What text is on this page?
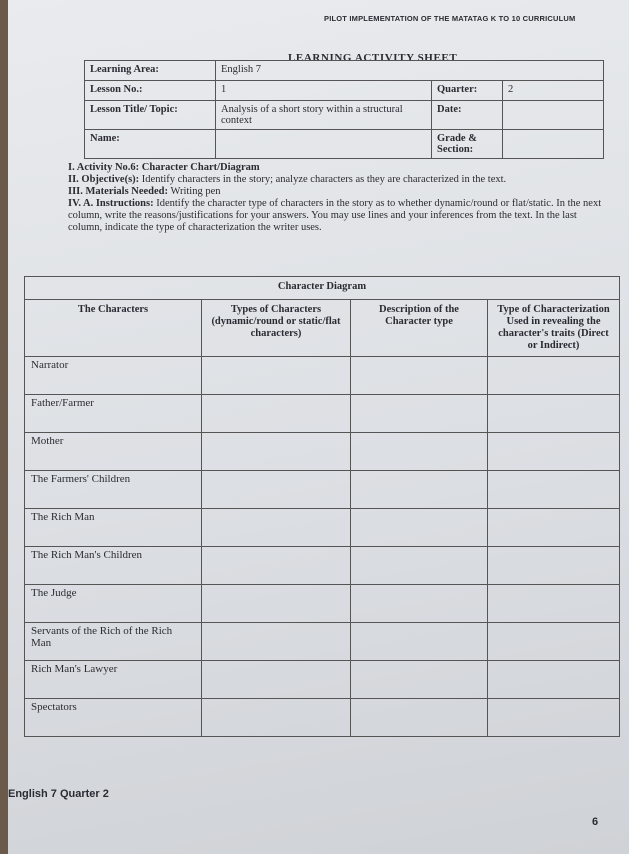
PILOT IMPLEMENTATION OF THE MATATAG K TO 10 CURRICULUM
LEARNING ACTIVITY SHEET
Learning Area:	English 7		
Lesson No.:	1	Quarter:	2
Lesson Title/ Topic:	Analysis of a short story within a structural context	Date:	
Name:		Grade & Section:	

I. Activity No.6: Character Chart/Diagram

II. Objective(s): Identify characters in the story; analyze characters as they are characterized in the text.

III. Materials Needed: Writing pen

IV. A. Instructions: Identify the character type of characters in the story as to whether dynamic/round or flat/static. In the next column, write the reasons/justifications for your answers. You may use lines and your inferences from the text. In the last column, indicate the type of characterization the writer uses.

Character Diagram			
The Characters	Types of Characters (dynamic/round or static/flat characters)	Description of the Character type	Type of Characterization Used in revealing the character's traits (Direct or Indirect)
Narrator			
Father/Farmer			
Mother			
The Farmers' Children			
The Rich Man			
The Rich Man's Children			
The Judge			
Servants of the Rich of the Rich Man			
Rich Man's Lawyer			
Spectators			
English 7 Quarter 2
6
